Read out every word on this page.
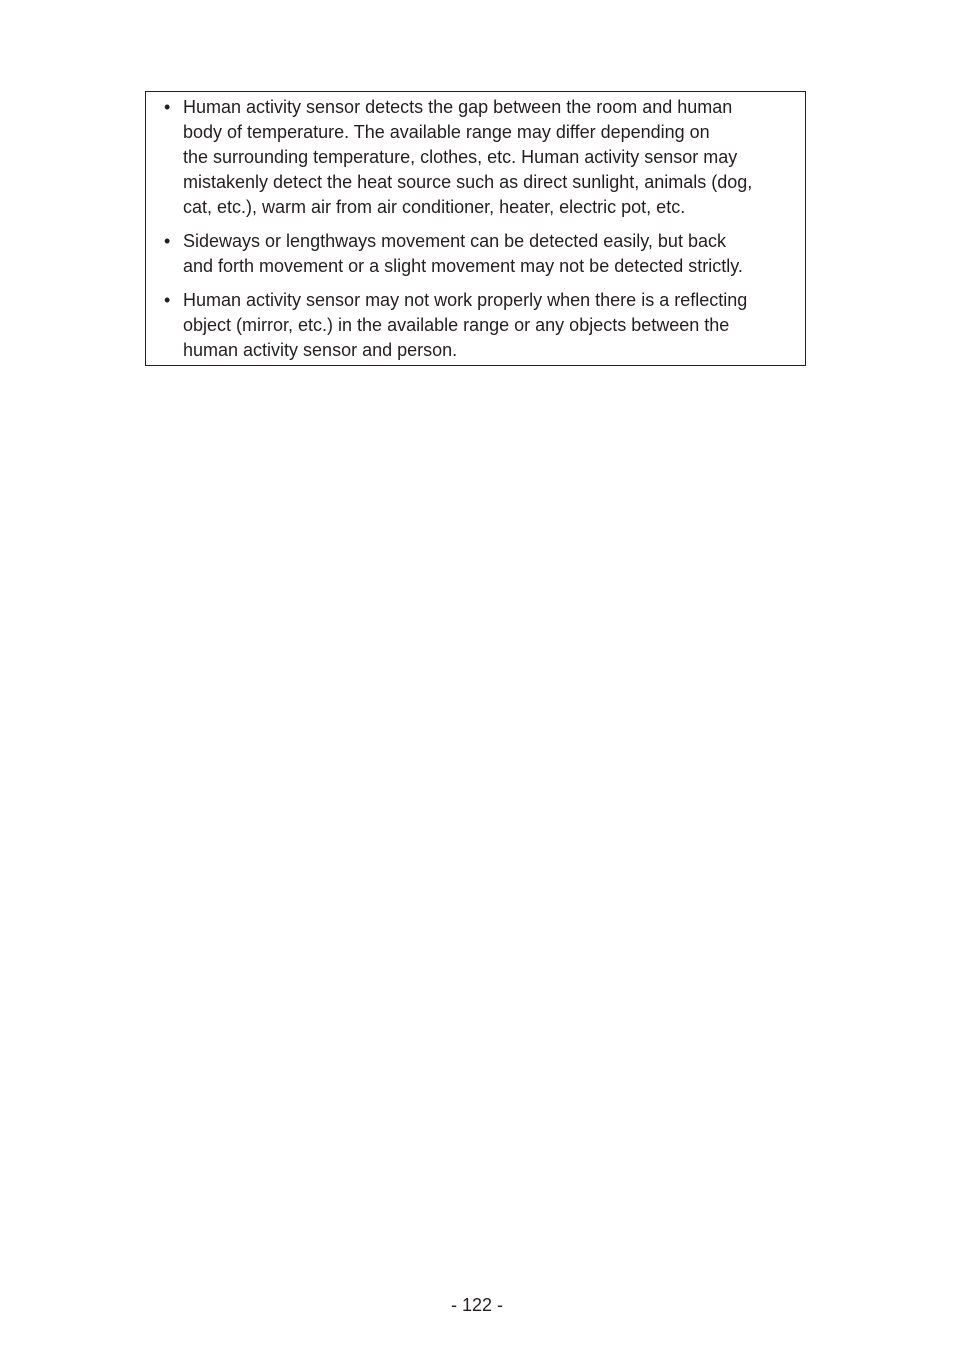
• Human activity sensor detects the gap between the room and human
body of temperature. The available range may differ depending on
the surrounding temperature, clothes, etc. Human activity sensor may
mistakenly detect the heat source such as direct sunlight, animals (dog,
cat, etc.), warm air from air conditioner, heater, electric pot, etc.
• Sideways or lengthways movement can be detected easily, but back
and forth movement or a slight movement may not be detected strictly.
• Human activity sensor may not work properly when there is a reflecting
object (mirror, etc.) in the available range or any objects between the
human activity sensor and person.
- 122 -
